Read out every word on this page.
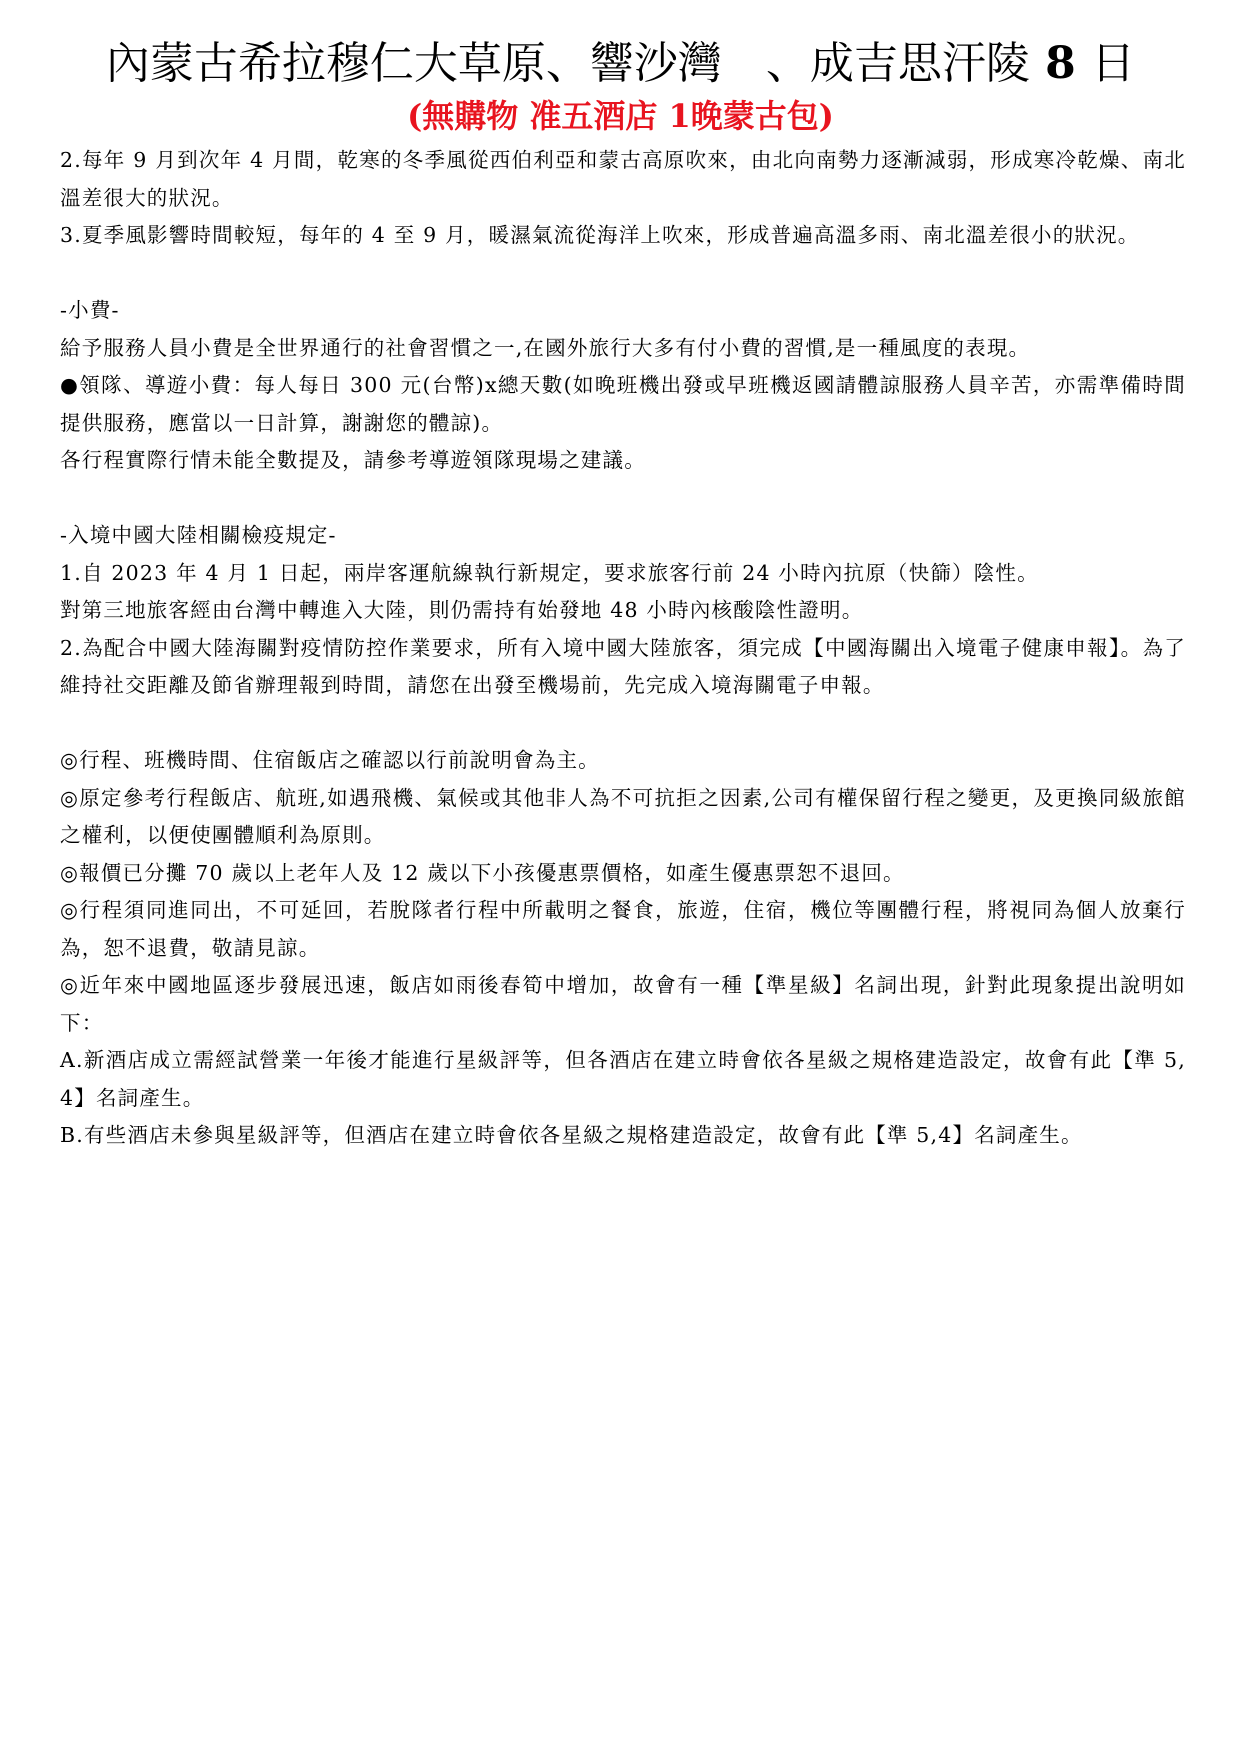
內蒙古希拉穆仁大草原、響沙灣　、成吉思汗陵 8 日
(無購物 准五酒店 1晚蒙古包)

2.每年 9 月到次年 4 月間，乾寒的冬季風從西伯利亞和蒙古高原吹來，由北向南勢力逐漸減弱，形成寒冷乾燥、南北溫差很大的狀況。

3.夏季風影響時間較短，每年的 4 至 9 月，暖濕氣流從海洋上吹來，形成普遍高溫多雨、南北溫差很小的狀況。

-小費-

給予服務人員小費是全世界通行的社會習慣之一,在國外旅行大多有付小費的習慣,是一種風度的表現。

●領隊、導遊小費：每人每日 300 元(台幣)x總天數(如晚班機出發或早班機返國請體諒服務人員辛苦，亦需準備時間提供服務，應當以一日計算，謝謝您的體諒)。

各行程實際行情未能全數提及，請參考導遊領隊現場之建議。

-入境中國大陸相關檢疫規定-

1.自 2023 年 4 月 1 日起，兩岸客運航線執行新規定，要求旅客行前 24 小時內抗原（快篩）陰性。

對第三地旅客經由台灣中轉進入大陸，則仍需持有始發地 48 小時內核酸陰性證明。

2.為配合中國大陸海關對疫情防控作業要求，所有入境中國大陸旅客，須完成【中國海關出入境電子健康申報】。為了維持社交距離及節省辦理報到時間，請您在出發至機場前，先完成入境海關電子申報。

◎行程、班機時間、住宿飯店之確認以行前說明會為主。

◎原定參考行程飯店、航班,如遇飛機、氣候或其他非人為不可抗拒之因素,公司有權保留行程之變更，及更換同級旅館之權利，以便使團體順利為原則。

◎報價已分攤 70 歲以上老年人及 12 歲以下小孩優惠票價格，如產生優惠票恕不退回。

◎行程須同進同出，不可延回，若脫隊者行程中所載明之餐食，旅遊，住宿，機位等團體行程，將視同為個人放棄行為，恕不退費，敬請見諒。

◎近年來中國地區逐步發展迅速，飯店如雨後春筍中增加，故會有一種【準星級】名詞出現，針對此現象提出說明如下：

A.新酒店成立需經試營業一年後才能進行星級評等，但各酒店在建立時會依各星級之規格建造設定，故會有此【準 5, 4】名詞產生。

B.有些酒店未參與星級評等，但酒店在建立時會依各星級之規格建造設定，故會有此【準 5,4】名詞產生。
